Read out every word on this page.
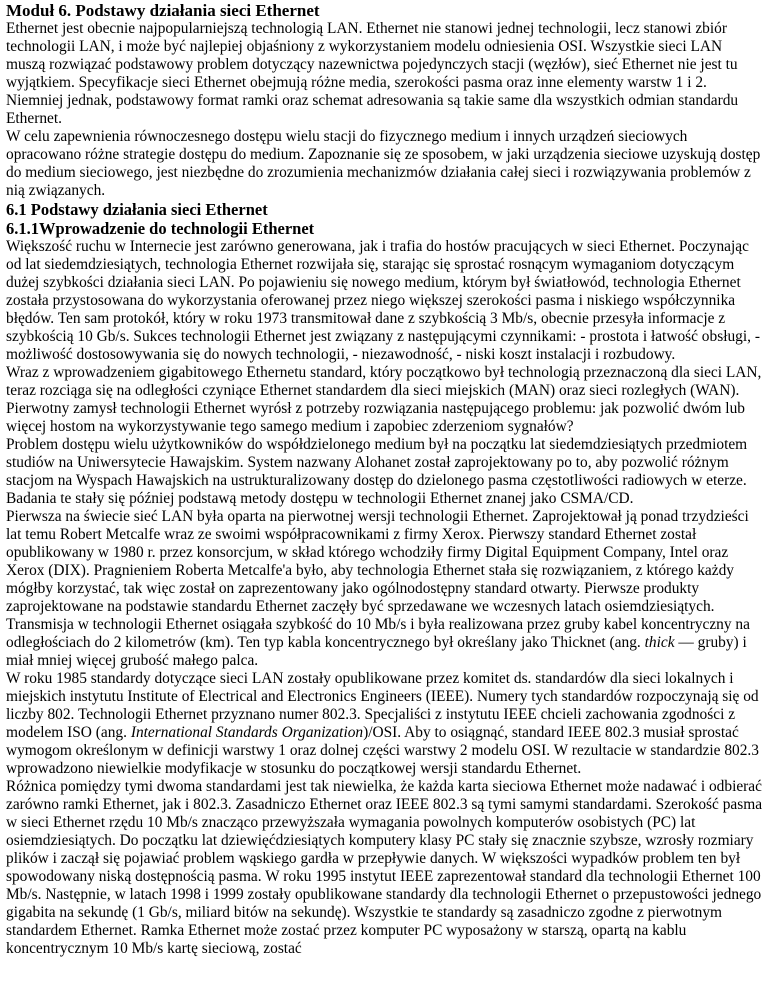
Moduł 6. Podstawy działania sieci Ethernet

Ethernet jest obecnie najpopularniejszą technologią LAN. Ethernet nie stanowi jednej technologii, lecz stanowi zbiór technologii LAN, i może być najlepiej objaśniony z wykorzystaniem modelu odniesienia OSI. Wszystkie sieci LAN muszą rozwiązać podstawowy problem dotyczący nazewnictwa pojedynczych stacji (węzłów), sieć Ethernet nie jest tu wyjątkiem. Specyfikacje sieci Ethernet obejmują różne media, szerokości pasma oraz inne elementy warstw 1 i 2. Niemniej jednak, podstawowy format ramki oraz schemat adresowania są takie same dla wszystkich odmian standardu Ethernet.

W celu zapewnienia równoczesnego dostępu wielu stacji do fizycznego medium i innych urządzeń sieciowych opracowano różne strategie dostępu do medium. Zapoznanie się ze sposobem, w jaki urządzenia sieciowe uzyskują dostęp do medium sieciowego, jest niezbędne do zrozumienia mechanizmów działania całej sieci i rozwiązywania problemów z nią związanych.

6.1 Podstawy działania sieci Ethernet
6.1.1Wprowadzenie do technologii Ethernet

Większość ruchu w Internecie jest zarówno generowana, jak i trafia do hostów pracujących w sieci Ethernet. Poczynając od lat siedemdziesiątych, technologia Ethernet rozwijała się, starając się sprostać rosnącym wymaganiom dotyczącym dużej szybkości działania sieci LAN. Po pojawieniu się nowego medium, którym był światłowód, technologia Ethernet została przystosowana do wykorzystania oferowanej przez niego większej szerokości pasma i niskiego współczynnika błędów. Ten sam protokół, który w roku 1973 transmitował dane z szybkością 3 Mb/s, obecnie przesyła informacje z szybkością 10 Gb/s. Sukces technologii Ethernet jest związany z następującymi czynnikami: - prostota i łatwość obsługi, - możliwość dostosowywania się do nowych technologii, - niezawodność, - niski koszt instalacji i rozbudowy.

Wraz z wprowadzeniem gigabitowego Ethernetu standard, który początkowo był technologią przeznaczoną dla sieci LAN, teraz rozciąga się na odległości czyniące Ethernet standardem dla sieci miejskich (MAN) oraz sieci rozległych (WAN).

Pierwotny zamysł technologii Ethernet wyrósł z potrzeby rozwiązania następującego problemu: jak pozwolić dwóm lub więcej hostom na wykorzystywanie tego samego medium i zapobiec zderzeniom sygnałów?

Problem dostępu wielu użytkowników do współdzielonego medium był na początku lat siedemdziesiątych przedmiotem studiów na Uniwersytecie Hawajskim. System nazwany Alohanet został zaprojektowany po to, aby pozwolić różnym stacjom na Wyspach Hawajskich na ustrukturalizowany dostęp do dzielonego pasma częstotliwości radiowych w eterze. Badania te stały się później podstawą metody dostępu w technologii Ethernet znanej jako CSMA/CD.

Pierwsza na świecie sieć LAN była oparta na pierwotnej wersji technologii Ethernet. Zaprojektował ją ponad trzydzieści lat temu Robert Metcalfe wraz ze swoimi współpracownikami z firmy Xerox. Pierwszy standard Ethernet został opublikowany w 1980 r. przez konsorcjum, w skład którego wchodziły firmy Digital Equipment Company, Intel oraz Xerox (DIX). Pragnieniem Roberta Metcalfe'a było, aby technologia Ethernet stała się rozwiązaniem, z którego każdy mógłby korzystać, tak więc został on zaprezentowany jako ogólnodostępny standard otwarty. Pierwsze produkty zaprojektowane na podstawie standardu Ethernet zaczęły być sprzedawane we wczesnych latach osiemdziesiątych. Transmisja w technologii Ethernet osiągała szybkość do 10 Mb/s i była realizowana przez gruby kabel koncentryczny na odległościach do 2 kilometrów (km). Ten typ kabla koncentrycznego był określany jako Thicknet (ang. thick — gruby) i miał mniej więcej grubość małego palca.

W roku 1985 standardy dotyczące sieci LAN zostały opublikowane przez komitet ds. standardów dla sieci lokalnych i miejskich instytutu Institute of Electrical and Electronics Engineers (IEEE). Numery tych standardów rozpoczynają się od liczby 802. Technologii Ethernet przyznano numer 802.3. Specjaliści z instytutu IEEE chcieli zachowania zgodności z modelem ISO (ang. International Standards Organization)/OSI. Aby to osiągnąć, standard IEEE 802.3 musiał sprostać wymogom określonym w definicji warstwy 1 oraz dolnej części warstwy 2 modelu OSI. W rezultacie w standardzie 802.3 wprowadzono niewielkie modyfikacje w stosunku do początkowej wersji standardu Ethernet.

Różnica pomiędzy tymi dwoma standardami jest tak niewielka, że każda karta sieciowa Ethernet może nadawać i odbierać zarówno ramki Ethernet, jak i 802.3. Zasadniczo Ethernet oraz IEEE 802.3 są tymi samymi standardami. Szerokość pasma w sieci Ethernet rzędu 10 Mb/s znacząco przewyższała wymagania powolnych komputerów osobistych (PC) lat osiemdziesiątych. Do początku lat dziewięćdziesiątych komputery klasy PC stały się znacznie szybsze, wzrosły rozmiary plików i zaczął się pojawiać problem wąskiego gardła w przepływie danych. W większości wypadków problem ten był spowodowany niską dostępnością pasma. W roku 1995 instytut IEEE zaprezentował standard dla technologii Ethernet 100 Mb/s. Następnie, w latach 1998 i 1999 zostały opublikowane standardy dla technologii Ethernet o przepustowości jednego gigabita na sekundę (1 Gb/s, miliard bitów na sekundę). Wszystkie te standardy są zasadniczo zgodne z pierwotnym standardem Ethernet. Ramka Ethernet może zostać przez komputer PC wyposażony w starszą, opartą na kablu koncentrycznym 10 Mb/s kartę sieciową, zostać
